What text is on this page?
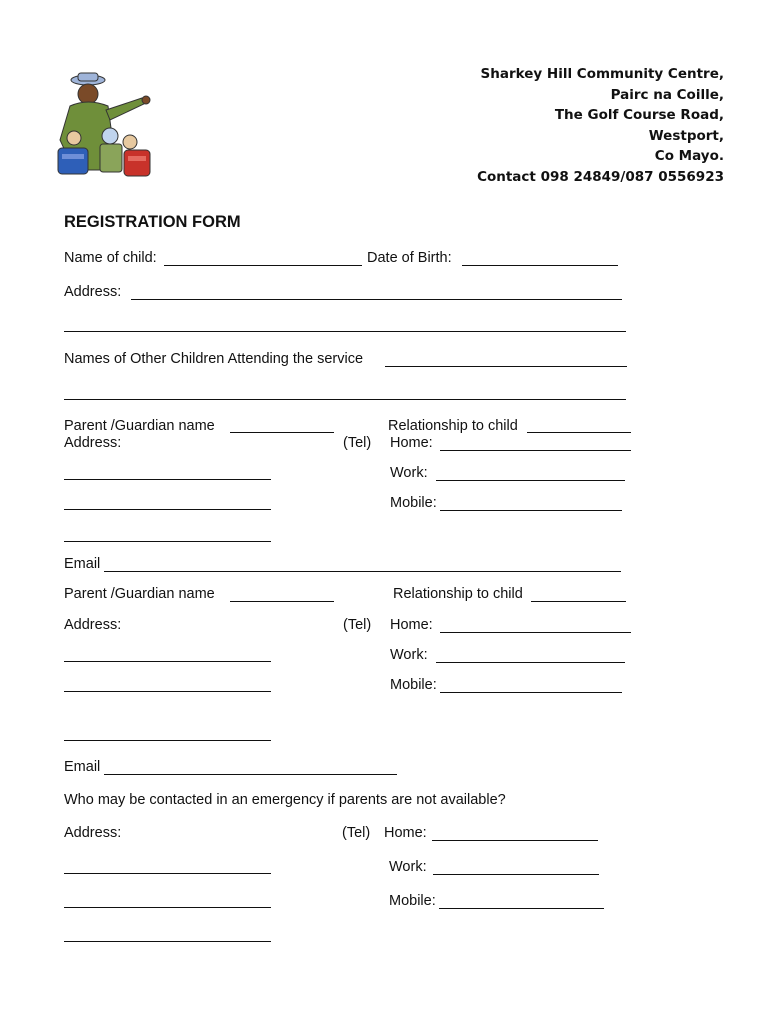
Sharkey Hill Community Centre,
Pairc na Coille,
The Golf Course Road,
Westport,
Co Mayo.
Contact 098 24849/087 0556923
REGISTRATION FORM
Name of child:	Date of Birth:
Address:
Names of Other Children Attending the service
Parent /Guardian name	Relationship to child
Address:	(Tel) Home:
Work:
Mobile:
Email
Parent /Guardian name	Relationship to child
Address:	(Tel) Home:
Work:
Mobile:
Email
Who may be contacted in an emergency if parents are not available?
Address:	(Tel) Home:
Work:
Mobile:
